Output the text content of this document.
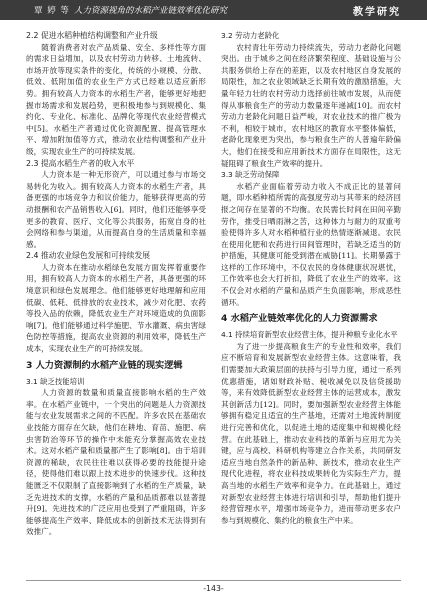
覃 婷 等 人力资源视角的水稻产业链效率优化研究	教学研究

2.2 促进水稻种植结构调整和产业升级

随着消费者对农产品质量、安全、多样性等方面的需求日益增加，以及农村劳动力转移、土地流转、市场开放等现实条件的变化，传统的小规模、分散、低效、低附加值的农业生产方式已经难以适应新形势。拥有较高人力资本的水稻生产者，能够更好地把握市场需求和发展趋势，更积极地参与到规模化、集约化、专业化、标准化、品牌化等现代农业经营模式中[5]。水稻生产者通过优化资源配置、提高管理水平、增加附加值等方式，推动农业结构调整和产业升级，实现农业生产的可持续发展。

2.3 提高水稻生产者的收入水平

人力资本是一种无形资产，可以通过参与市场交易转化为收入。拥有较高人力资本的水稻生产者，具备更强的市场竞争力和议价能力，能够获得更高的劳动报酬和农产品销售收入[6]。同时，他们还能够享受更多的教育、医疗、文化等公共服务，拓宽自身的社会网络和参与渠道，从而提高自身的生活质量和幸福感。

2.4 推动农业绿色发展和可持续发展

人力资本在推动水稻绿色发展方面发挥着重要作用，拥有较高人力资本的水稻生产者，具备更强的环境意识和绿色发展理念。他们能够更好地理解和应用低碳、低耗、低排放的农业技术，减少对化肥、农药等投入品的依赖，降低农业生产对环境造成的负面影响[7]。他们能够通过科学施肥、节水灌溉、病虫害绿色防控等措施，提高农业资源的利用效率，降低生产成本，实现农业生产的可持续发展。

3 人力资源制约水稻产业链的现实逻辑

3.1 缺乏技能培训

人力资源的数量和质量直接影响水稻的生产效率。在水稻产业链中，一个突出的问题是人力资源技能与农业发展需求之间的不匹配。许多农民在基础农业技能方面存在欠缺，他们在耕地、育苗、施肥、病虫害防治等环节的操作中未能充分掌握高效农业技术。这对水稻产量和质量都产生了影响[8]。由于培训资源的稀缺，农民往往难以获得必要的技能提升途径，使得他们难以跟上技术进步的快速步伐。这种技能匮乏不仅限制了直接影响到了水稻的生产质量，缺乏先进技术的支撑，水稻的产量和品质都难以显著提升[9]。先进技术的广泛应用也受到了严重阻碍，许多能够提高生产效率、降低成本的创新技术无法得到有效推广。

3.2 劳动力老龄化

农村青壮年劳动力持续流失，劳动力老龄化问题突出。由于城乡之间在经济繁荣程度、基础设施与公共服务供给上存在的差距，以及农村地区自身发展的局限性，加之农业领域缺乏长期有效的激励措施，大量年轻力壮的农村劳动力选择前往城市发展，从而使得从事粮食生产的劳动力数量逐年递减[10]。而农村劳动力老龄化问题日益严峻，对农业技术的推广极为不利，相较于城市，农村地区的教育水平整体偏低，老龄化现象更为突出，参与粮食生产的人普遍年龄偏大，他们在接受和应用新技术方面存在局限性，这无疑阻碍了粮食生产效率的提升。

3.3 缺乏劳动保障

水稻产业面临着劳动力收入不成正比的显著问题，即水稻种植所需的高强度劳动与其带来的经济回报之间存在显著的不均衡。农民需长时间在田间辛勤劳作，推受日晒雨淋之苦，这种体力与耐力的双重考验使得许多人对水稻种植行业的热情逐渐减退。农民在使用化肥和农药进行田间管理时，若缺乏适当的防护措施，其健康可能受到潜在威胁[11]。长期暴露于这样的工作环境中，不仅农民的身体健康状况堪忧，工作效率也会大打折扣，降低了农业生产的效率。这不仅会对水稻的产量和品质产生负面影响，形成恶性循环。

4 水稻产业链效率优化的人力资源需求

4.1 持续培育新型农业经营主体，提升种粮专业化水平

为了进一步提高粮食生产的专业性和效率，我们应不断培育和发展新型农业经营主体。这意味着，我们需要加大政策层面的扶持与引导力度，通过一系列优惠措施，诸如财政补贴、税收减免以及信贷援助等，来有效降低新型农业经营主体的运营成本，激发其创新活力[12]。同时，要加强新型农业经营主体能够拥有稳定且适宜的生产基地，还需对土地流转制度进行完善和优化，以促进土地的适度集中和规模化经营。在此基础上，推动农业科技的革新与应用尤为关键，应与高校、科研机构等建立合作关系，共同研发适应当地自然条件的新品种、新技术，推动农业生产现代化进程，将农业科技成果转化为实际生产力，提高当地的水稻生产效率和竞争力。在此基础上，通过对新型农业经营主体进行培训和引导，帮助他们提升经营管理水平，增强市场竞争力，进而带动更多农户参与到规模化、集约化的粮食生产中来。

-143-
